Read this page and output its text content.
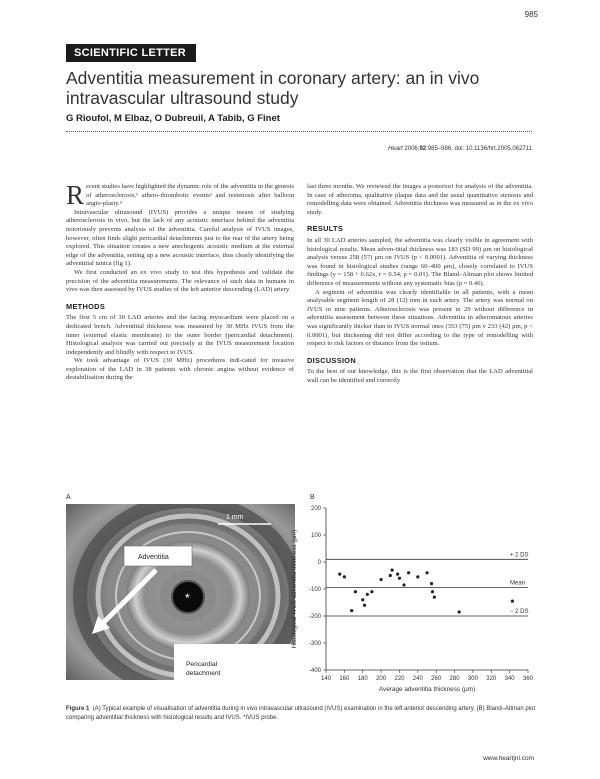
985
SCIENTIFIC LETTER
Adventitia measurement in coronary artery: an in vivo intravascular ultrasound study
G Rioufol, M Elbaz, O Dubreuil, A Tabib, G Finet
Heart 2006;92:985–986. doi: 10.1136/hrt.2005.062711

Recent studies have highlighted the dynamic role of the adventitia in the genesis of atherosclerosis,¹ athero-thrombotic events² and restenosis after balloon angio-plasty.³

Intravascular ultrasound (IVUS) provides a unique means of studying atherosclerosis in vivo, but the lack of any acoustic interface behind the adventitia notoriously prevents analysis of the adventitia. Careful analysis of IVUS images, however, often finds slight pericardial detachments just to the rear of the artery being explored. This situation creates a new anechogenic acoustic medium at the external edge of the adventitia, setting up a new acoustic interface, thus clearly identifying the adventitial tunica (fig 1).

We first conducted an ex vivo study to test this hypothesis and validate the precision of the adventitia measurements. The relevance of such data in humans in vivo was then assessed by IVUS studies of the left anterior descending (LAD) artery.

METHODS

The first 5 cm of 30 LAD arteries and the facing myocardium were placed on a dedicated bench. Adventitial thickness was measured by 30 MHz IVUS from the inner (external elastic membrane) to the outer border (pericardial detachment). Histological analysis was carried out precisely at the IVUS measurement location independently and blindly with respect to IVUS.

We took advantage of IVUS (30 MHz) procedures indi-cated for invasive exploration of the LAD in 38 patients with chronic angina without evidence of destabilisation during the

last three months. We reviewed the images a posteriori for analysis of the adventitia. In case of atheroma, qualitative plaque data and the usual quantitative stenosis and remodelling data were obtained. Adventitia thickness was measured as in the ex vivo study.

RESULTS

In all 30 LAD arteries sampled, the adventitia was clearly visible in agreement with histological results. Mean adven-titial thickness was 183 (SD 99) μm on histological analysis versus 258 (57) μm on IVUS (p < 0.0001). Adventitia of varying thickness was found in histological studies (range 60–400 μm), closely correlated to IVUS findings (y = 158 + 0.62x, r = 0.54, p = 0.01). The Bland–Altman plot shows limited difference of measurements without any systematic bias (p = 0.46).

A segment of adventitia was clearly identifiable in all patients, with a mean analysable segment length of 28 (12) mm in each artery. The artery was normal on IVUS in nine patients. Atherosclerosis was present in 29 without difference in adventitia assessment between these situations. Adventitia in atheromatous arteries was significantly thicker than in IVUS normal ones (353 (75) μm v 233 (42) μm, p < 0.0001), but thickening did not differ according to the type of remodelling with respect to risk factors or distance from the ostium.

DISCUSSION

To the best of our knowledge, this is the first observation that the LAD adventitial wall can be identified and correctly

A
*
1 mm
Adventitia
Pericardial
detachment
B
200
100
0
-100
-200
-300
-400
140 160 180 200 220 240 260 280 300 320 340 360
+ 2 DS
Mean
− 2 DS
Average adventitia thickness (μm)
Histological-IVUS adventitia thickness (μm)
Figure 1 (A) Typical example of visualisation of adventitia during in vivo intravascular ultrasound (IVUS) examination in the left anterior descending artery. (B) Bland–Altman plot comparing adventitial thickness with histological results and IVUS. *IVUS probe.
www.heartjnl.com
